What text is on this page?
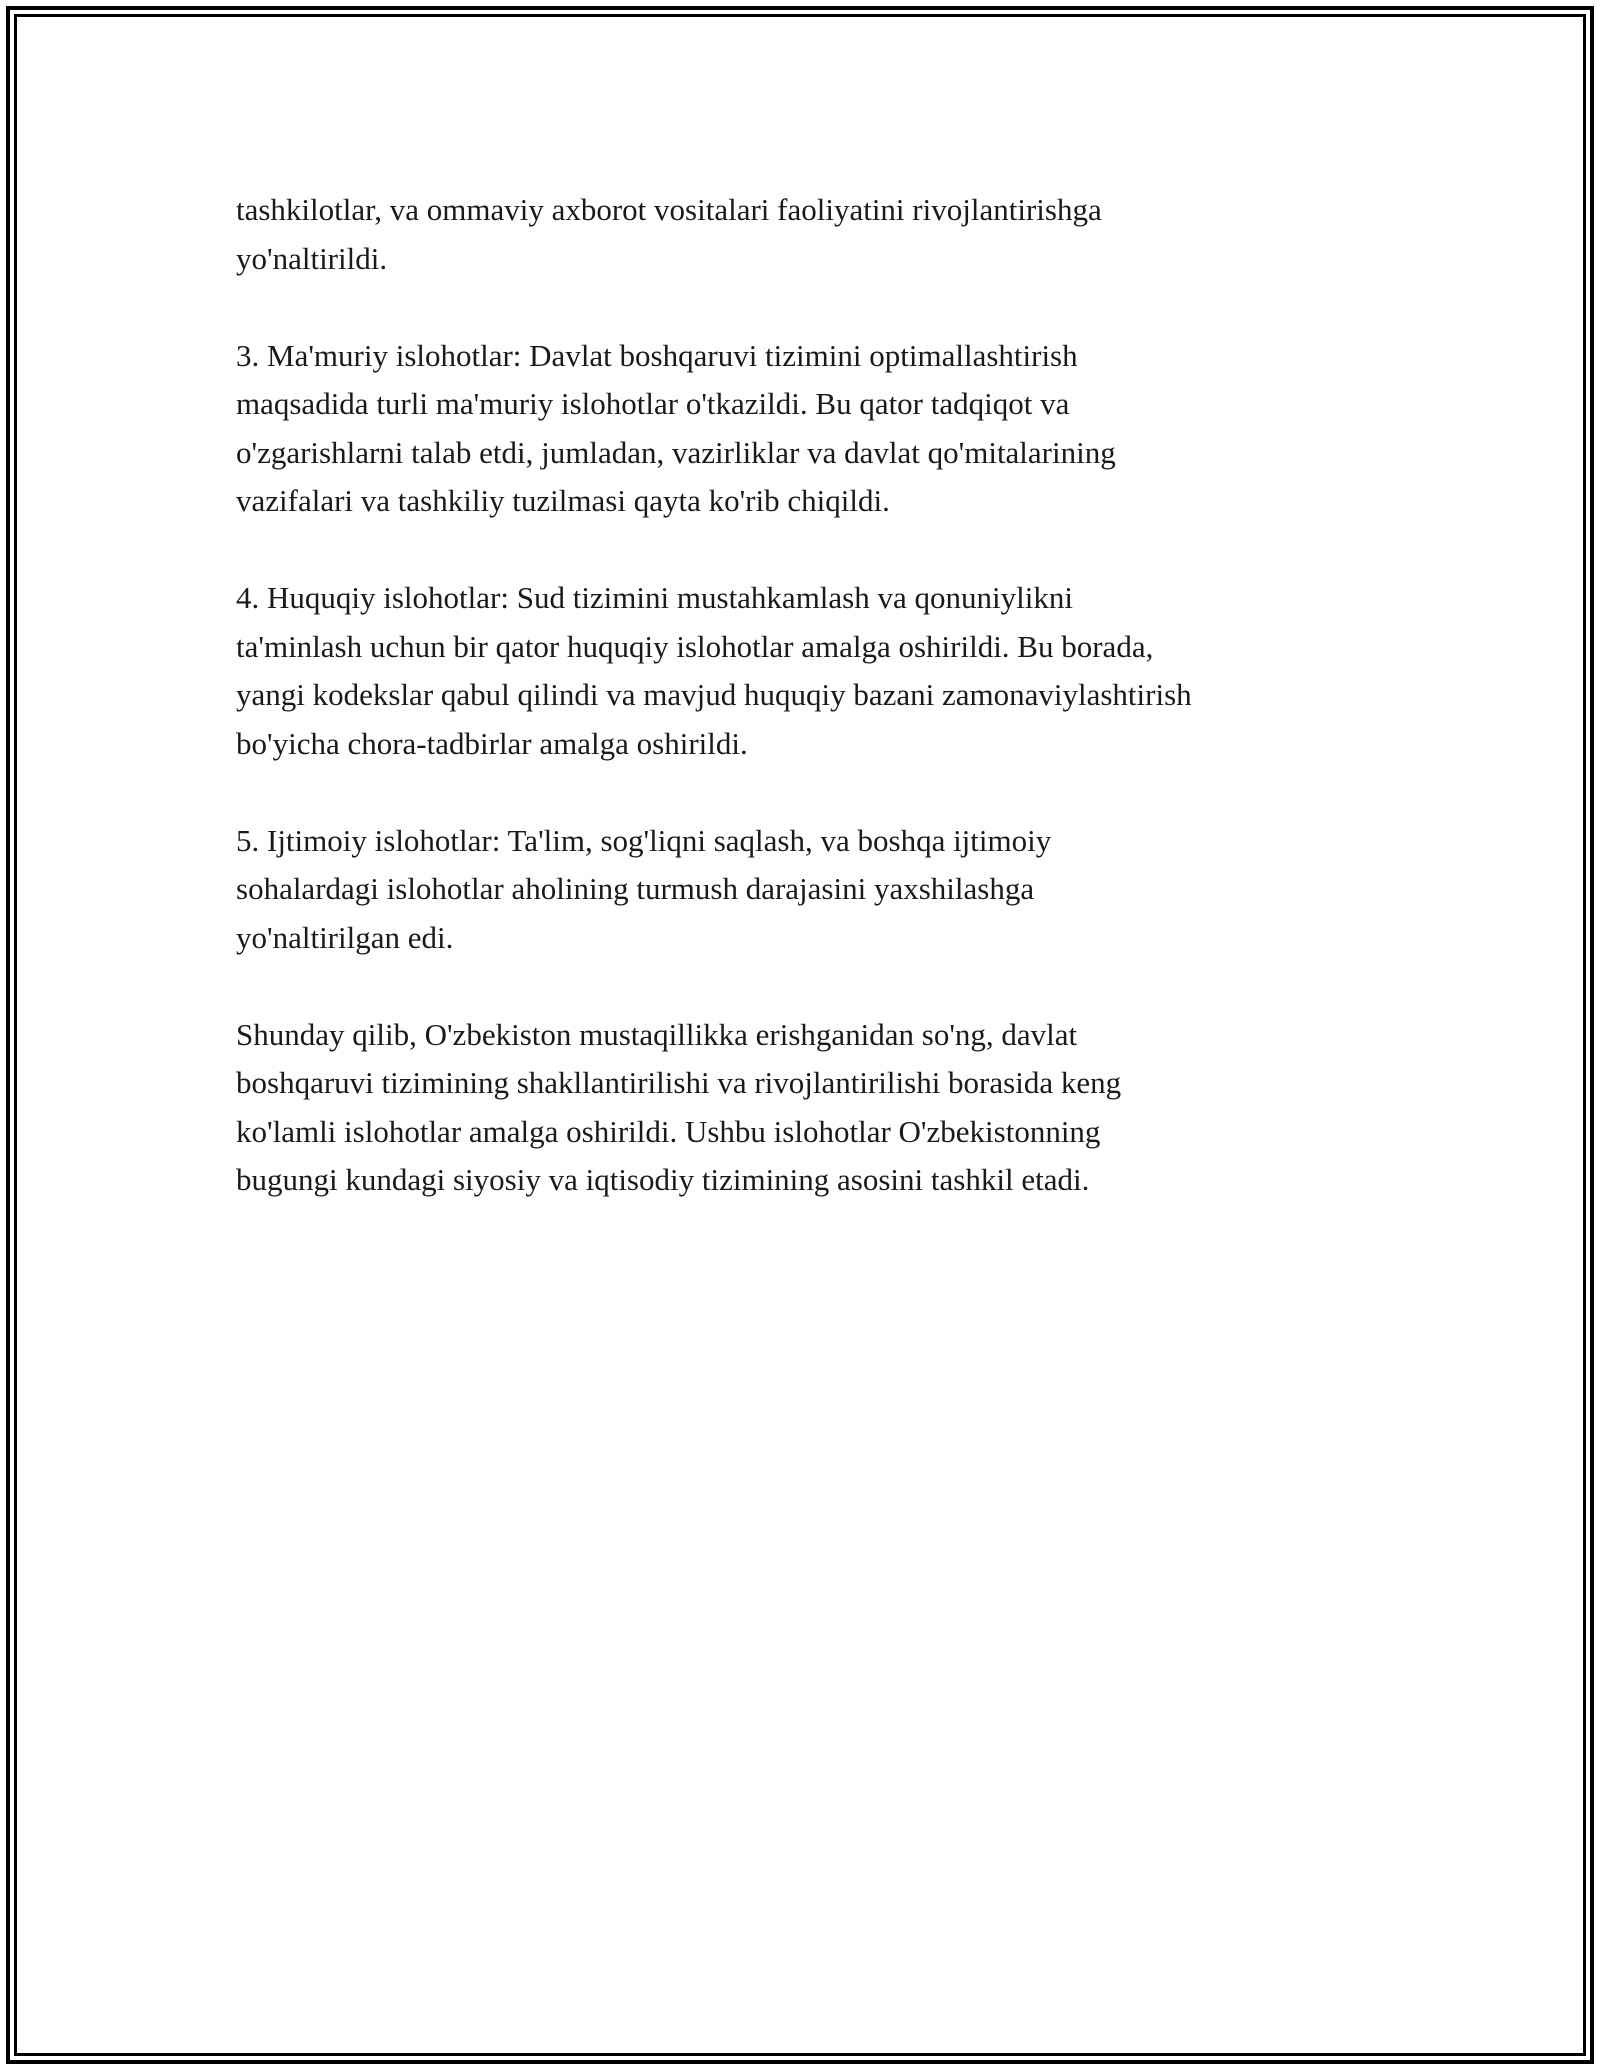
tashkilotlar, va ommaviy axborot vositalari faoliyatini rivojlantirishga
yo'naltirildi.

3. Ma'muriy islohotlar: Davlat boshqaruvi tizimini optimallashtirish
maqsadida turli ma'muriy islohotlar o'tkazildi. Bu qator tadqiqot va
o'zgarishlarni talab etdi, jumladan, vazirliklar va davlat qo'mitalarining
vazifalari va tashkiliy tuzilmasi qayta ko'rib chiqildi.

4. Huquqiy islohotlar: Sud tizimini mustahkamlash va qonuniylikni
ta'minlash uchun bir qator huquqiy islohotlar amalga oshirildi. Bu borada,
yangi kodekslar qabul qilindi va mavjud huquqiy bazani zamonaviylashtirish
bo'yicha chora-tadbirlar amalga oshirildi.

5. Ijtimoiy islohotlar: Ta'lim, sog'liqni saqlash, va boshqa ijtimoiy
sohalardagi islohotlar aholining turmush darajasini yaxshilashga
yo'naltirilgan edi.

Shunday qilib, O'zbekiston mustaqillikka erishganidan so'ng, davlat
boshqaruvi tizimining shakllantirilishi va rivojlantirilishi borasida keng
ko'lamli islohotlar amalga oshirildi. Ushbu islohotlar O'zbekistonning
bugungi kundagi siyosiy va iqtisodiy tizimining asosini tashkil etadi.
